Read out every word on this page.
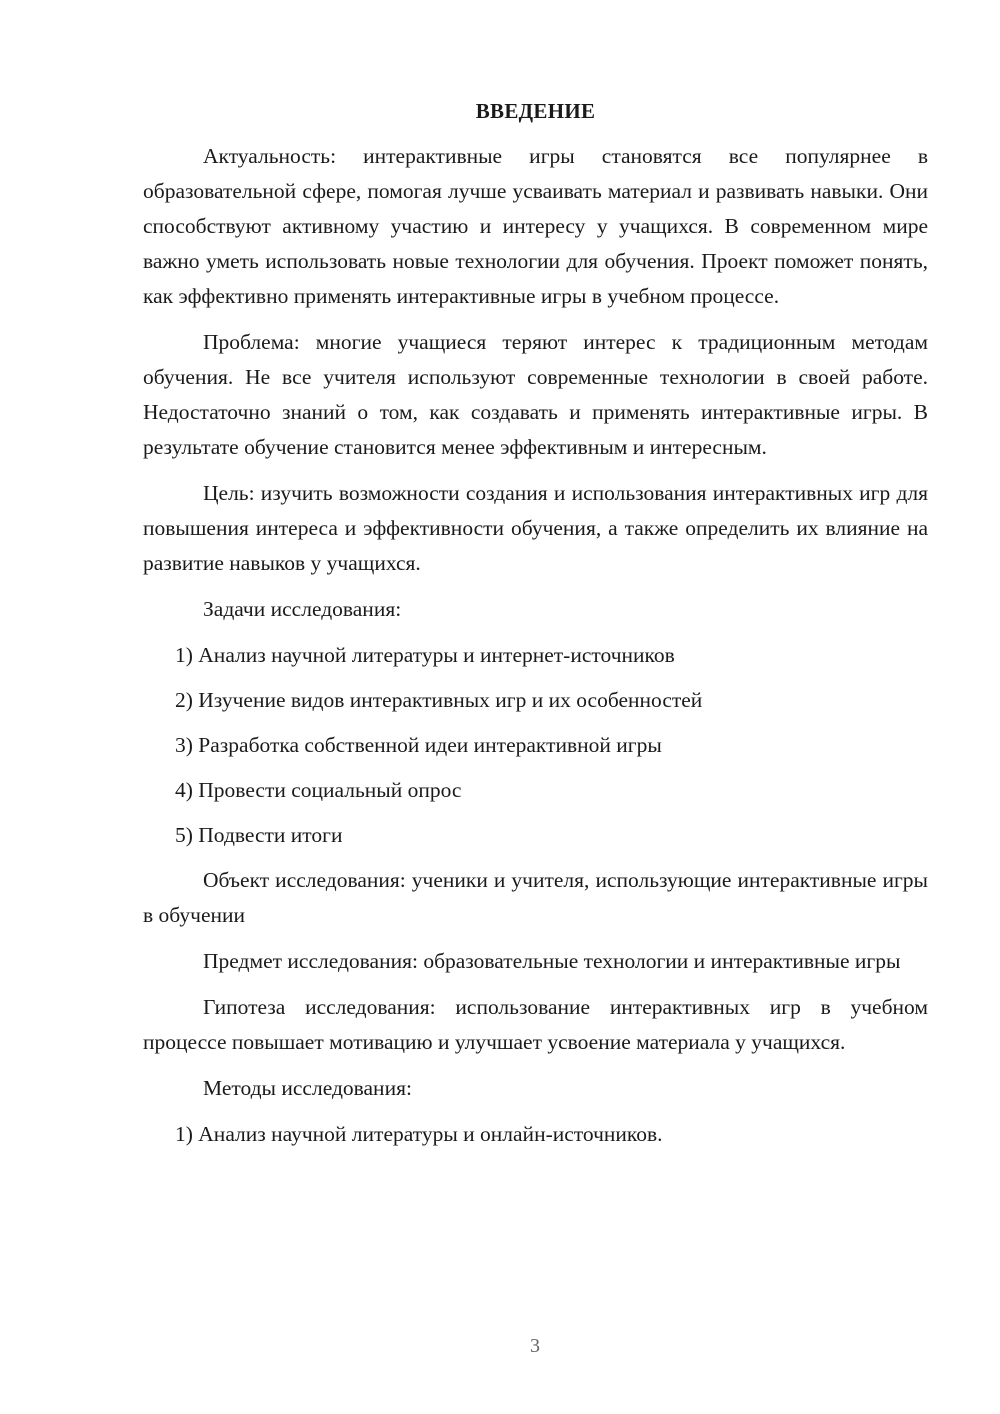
ВВЕДЕНИЕ

Актуальность: интерактивные игры становятся все популярнее в образовательной сфере, помогая лучше усваивать материал и развивать навыки. Они способствуют активному участию и интересу у учащихся. В современном мире важно уметь использовать новые технологии для обучения. Проект поможет понять, как эффективно применять интерактивные игры в учебном процессе.

Проблема: многие учащиеся теряют интерес к традиционным методам обучения. Не все учителя используют современные технологии в своей работе. Недостаточно знаний о том, как создавать и применять интерактивные игры. В результате обучение становится менее эффективным и интересным.

Цель: изучить возможности создания и использования интерактивных игр для повышения интереса и эффективности обучения, а также определить их влияние на развитие навыков у учащихся.

Задачи исследования:

1) Анализ научной литературы и интернет-источников
2) Изучение видов интерактивных игр и их особенностей
3) Разработка собственной идеи интерактивной игры
4) Провести социальный опрос
5) Подвести итоги

Объект исследования: ученики и учителя, использующие интерактивные игры в обучении

Предмет исследования: образовательные технологии и интерактивные игры

Гипотеза исследования: использование интерактивных игр в учебном процессе повышает мотивацию и улучшает усвоение материала у учащихся.

Методы исследования:

1) Анализ научной литературы и онлайн-источников.
3
